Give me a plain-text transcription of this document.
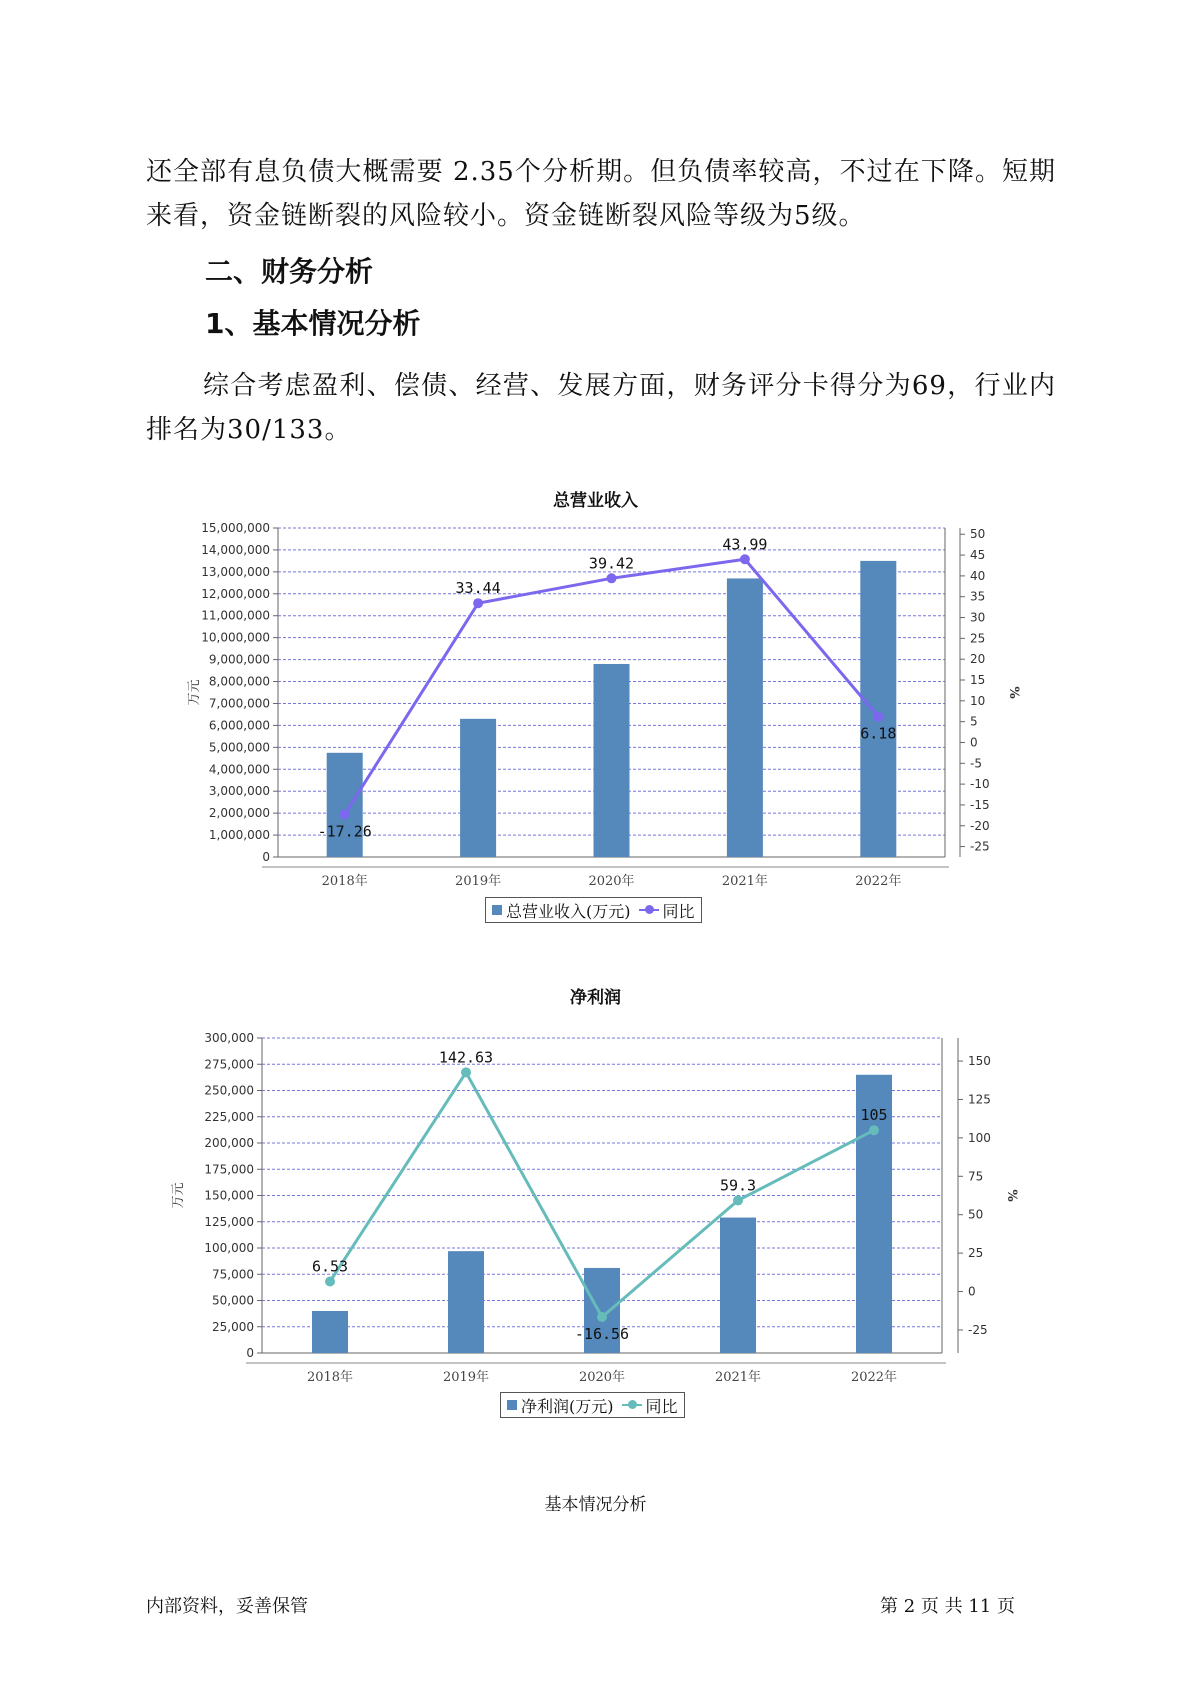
还全部有息负债大概需要 2.35个分析期。但负债率较高，不过在下降。短期来看，资金链断裂的风险较小。资金链断裂风险等级为5级。

二、财务分析
1、基本情况分析

综合考虑盈利、偿债、经营、发展方面，财务评分卡得分为69，行业内排名为30/133。

总营业收入
0
1,000,000
2,000,000
3,000,000
4,000,000
5,000,000
6,000,000
7,000,000
8,000,000
9,000,000
10,000,000
11,000,000
12,000,000
13,000,000
14,000,000
15,000,000
-25
-20
-15
-10
-5
0
5
10
15
20
25
30
35
40
45
50
万元	%
2018年	2019年	2020年	2021年	2022年
-17.26
33.44
39.42
43.99
6.18
总营业收入(万元) 同比
净利润
0
25,000
50,000
75,000
100,000
125,000
150,000
175,000
200,000
225,000
250,000
275,000
300,000
-25
0
25
50
75
100
125
150
万元	%
2018年	2019年	2020年	2021年	2022年
6.53
142.63
-16.56
59.3
105
净利润(万元) 同比
基本情况分析
内部资料，妥善保管	第 2 页 共 11 页
